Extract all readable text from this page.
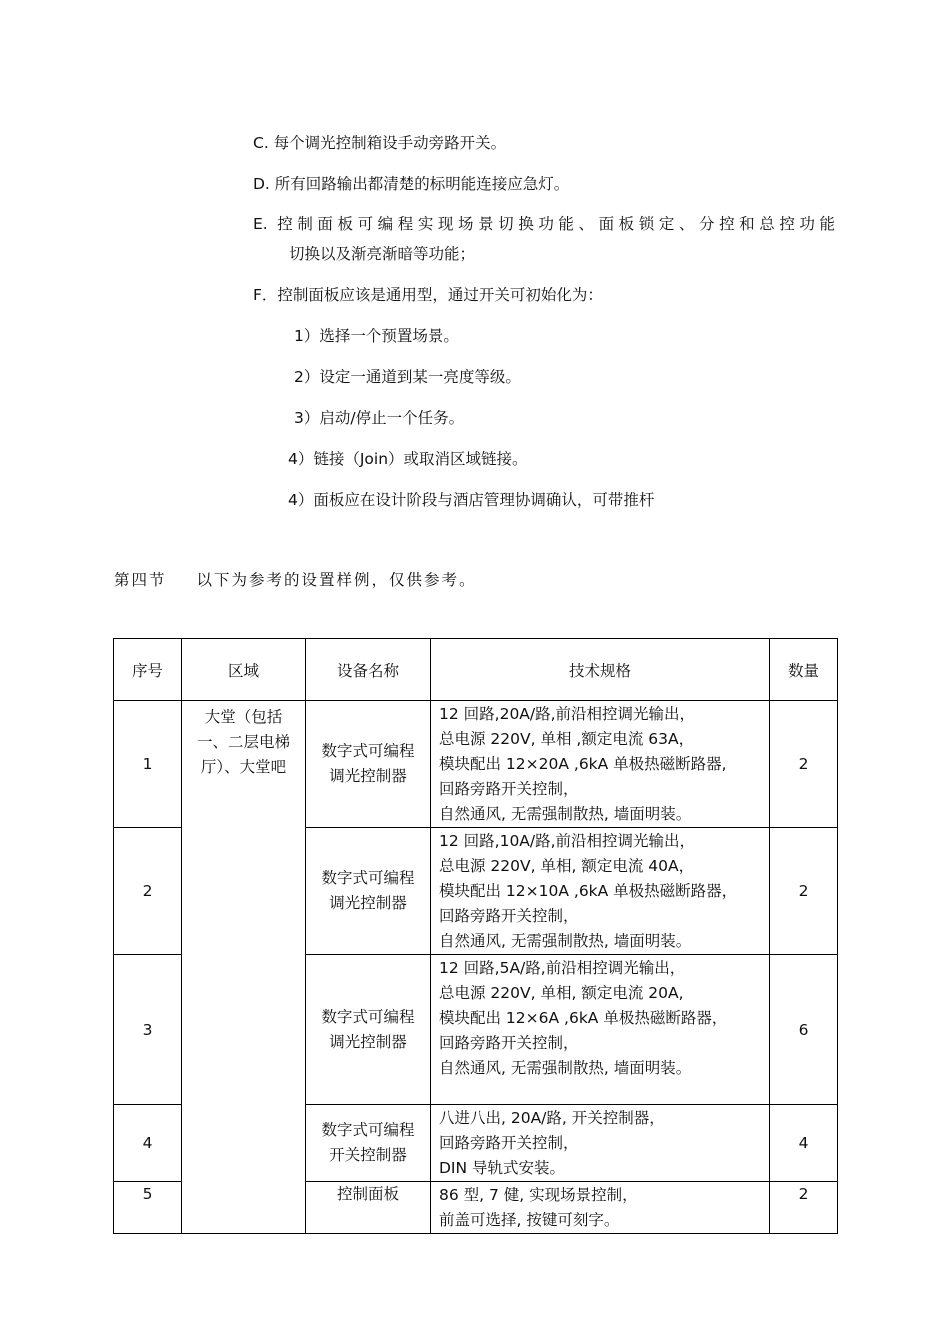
C. 每个调光控制箱设手动旁路开关。
D. 所有回路输出都清楚的标明能连接应急灯。
E. 控制面板可编程实现场景切换功能、面板锁定、分控和总控功能
切换以及渐亮渐暗等功能；
F．控制面板应该是通用型，通过开关可初始化为：
1）选择一个预置场景。
2）设定一通道到某一亮度等级。
3）启动/停止一个任务。
4）链接（Join）或取消区域链接。
4）面板应在设计阶段与酒店管理协调确认，可带推杆
第四节 以下为参考的设置样例，仅供参考。
序号	区域	设备名称	技术规格	数量
1	大堂（包括
一、二层电梯
厅）、大堂吧	数字式可编程
调光控制器	12 回路,20A/路,前沿相控调光输出，
总电源 220V, 单相 ,额定电流 63A，
模块配出 12×20A ,6kA 单极热磁断路器,
回路旁路开关控制，
自然通风, 无需强制散热, 墙面明装。	2
2		数字式可编程
调光控制器	12 回路,10A/路,前沿相控调光输出，
总电源 220V, 单相, 额定电流 40A，
模块配出 12×10A ,6kA 单极热磁断路器，
回路旁路开关控制，
自然通风, 无需强制散热, 墙面明装。	2
3		数字式可编程
调光控制器	12 回路,5A/路,前沿相控调光输出，
总电源 220V, 单相, 额定电流 20A,
模块配出 12×6A ,6kA 单极热磁断路器，
回路旁路开关控制，
自然通风, 无需强制散热, 墙面明装。	6
4		数字式可编程
开关控制器	八进八出, 20A/路, 开关控制器，
回路旁路开关控制，
DIN 导轨式安装。	4
5		控制面板	86 型, 7 健, 实现场景控制，
前盖可选择, 按键可刻字。	2
